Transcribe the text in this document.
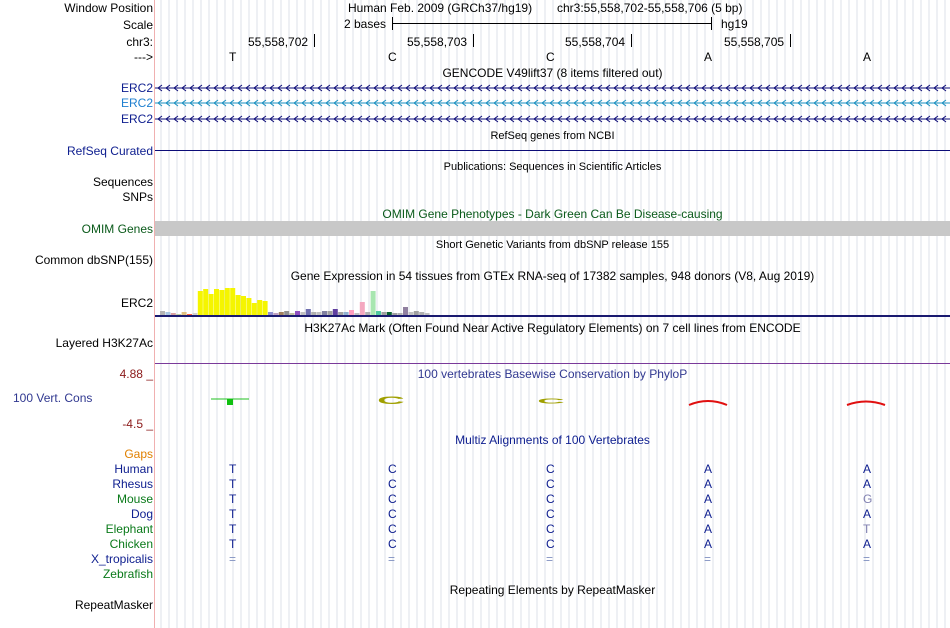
Window Position	Human Feb. 2009 (GRCh37/hg19) chr3:55,558,702-55,558,706 (5 bp)
Scale	2 bases	hg19
chr3:	55,558,702	55,558,703	55,558,704	55,558,705
--->	T	C	C	A	A
GENCODE V49lift37 (8 items filtered out)
ERC2
ERC2
ERC2
RefSeq genes from NCBI
RefSeq Curated
Publications: Sequences in Scientific Articles
Sequences
SNPs
OMIM Gene Phenotypes - Dark Green Can Be Disease-causing
OMIM Genes
Short Genetic Variants from dbSNP release 155
Common dbSNP(155)
Gene Expression in 54 tissues from GTEx RNA-seq of 17382 samples, 948 donors (V8, Aug 2019)
ERC2
H3K27Ac Mark (Often Found Near Active Regulatory Elements) on 7 cell lines from ENCODE
Layered H3K27Ac
100 vertebrates Basewise Conservation by PhyloP
4.88 _
100 Vert. Cons
-4.5 _
C	C
Multiz Alignments of 100 Vertebrates
Gaps
Human	T	C	C	A	A
Rhesus	T	C	C	A	A
Mouse	T	C	C	A	G
Dog	T	C	C	A	A
Elephant	T	C	C	A	T
Chicken	T	C	C	A	A
X_tropicalis	=	=	=	=	=
Zebrafish
Repeating Elements by RepeatMasker
RepeatMasker
